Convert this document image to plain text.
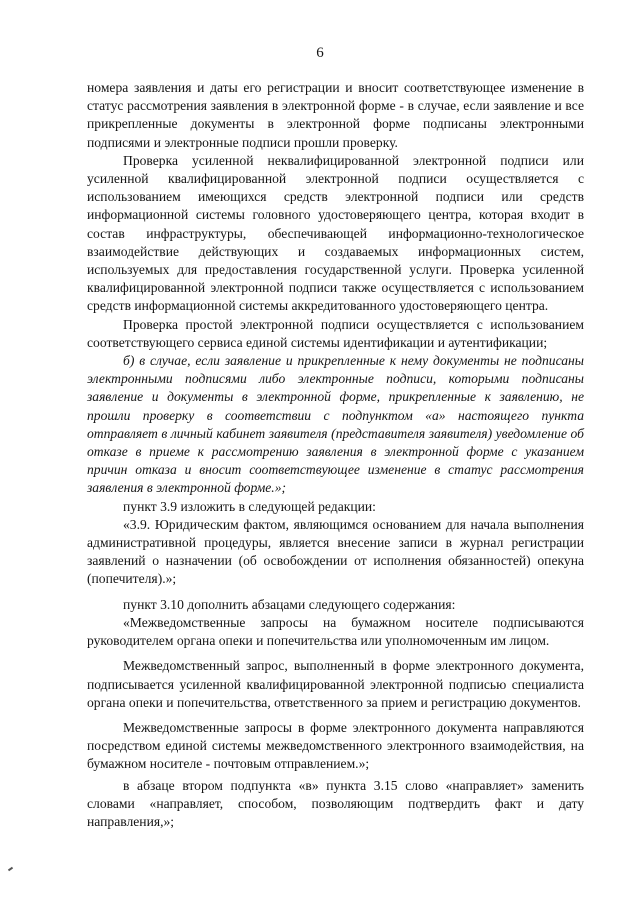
6

номера заявления и даты его регистрации и вносит соответствующее изменение в статус рассмотрения заявления в электронной форме - в случае, если заявление и все прикрепленные документы в электронной форме подписаны электронными подписями и электронные подписи прошли проверку.

Проверка усиленной неквалифицированной электронной подписи или усиленной квалифицированной электронной подписи осуществляется с использованием имеющихся средств электронной подписи или средств информационной системы головного удостоверяющего центра, которая входит в состав инфраструктуры, обеспечивающей информационно-технологическое взаимодействие действующих и создаваемых информационных систем, используемых для предоставления государственной услуги. Проверка усиленной квалифицированной электронной подписи также осуществляется с использованием средств информационной системы аккредитованного удостоверяющего центра.

Проверка простой электронной подписи осуществляется с использованием соответствующего сервиса единой системы идентификации и аутентификации;

б) в случае, если заявление и прикрепленные к нему документы не подписаны электронными подписями либо электронные подписи, которыми подписаны заявление и документы в электронной форме, прикрепленные к заявлению, не прошли проверку в соответствии с подпунктом «а» настоящего пункта отправляет в личный кабинет заявителя (представителя заявителя) уведомление об отказе в приеме к рассмотрению заявления в электронной форме с указанием причин отказа и вносит соответствующее изменение в статус рассмотрения заявления в электронной форме.»;

пункт 3.9 изложить в следующей редакции:

«3.9. Юридическим фактом, являющимся основанием для начала выполнения административной процедуры, является внесение записи в журнал регистрации заявлений о назначении (об освобождении от исполнения обязанностей) опекуна (попечителя).»;

пункт 3.10 дополнить абзацами следующего содержания:

«Межведомственные запросы на бумажном носителе подписываются руководителем органа опеки и попечительства или уполномоченным им лицом.

Межведомственный запрос, выполненный в форме электронного документа, подписывается усиленной квалифицированной электронной подписью специалиста органа опеки и попечительства, ответственного за прием и регистрацию документов.

Межведомственные запросы в форме электронного документа направляются посредством единой системы межведомственного электронного взаимодействия, на бумажном носителе - почтовым отправлением.»;

в абзаце втором подпункта «в» пункта 3.15 слово «направляет» заменить словами «направляет, способом, позволяющим подтвердить факт и дату направления,»;
